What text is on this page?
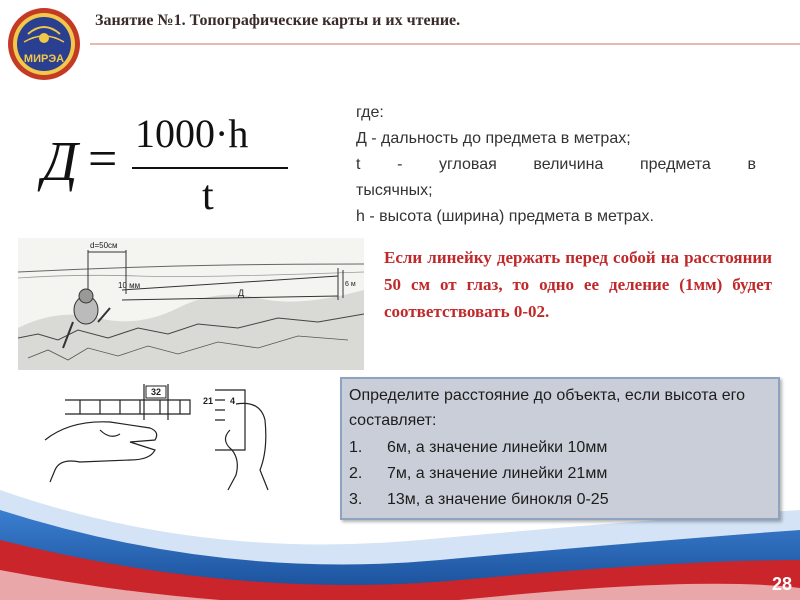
МИРЭА
Занятие №1. Топографические карты и их чтение.
Д = 1000·h
t

где:

Д - дальность до предмета в метрах;

t - угловая величина предмета в

тысячных;

h - высота (ширина) предмета в метрах.

d=50см
10 мм
Д
6 м
Если линейку держать перед собой на расстоянии 50 см от глаз, то одно ее деление (1мм) будет соответствовать 0-02.
32
21 4	Определите расстояние до объекта, если высота его составляет:
1. 6м, а значение линейки 10мм
2. 7м, а значение линейки 21мм
3. 13м, а значение бинокля 0-25
28
